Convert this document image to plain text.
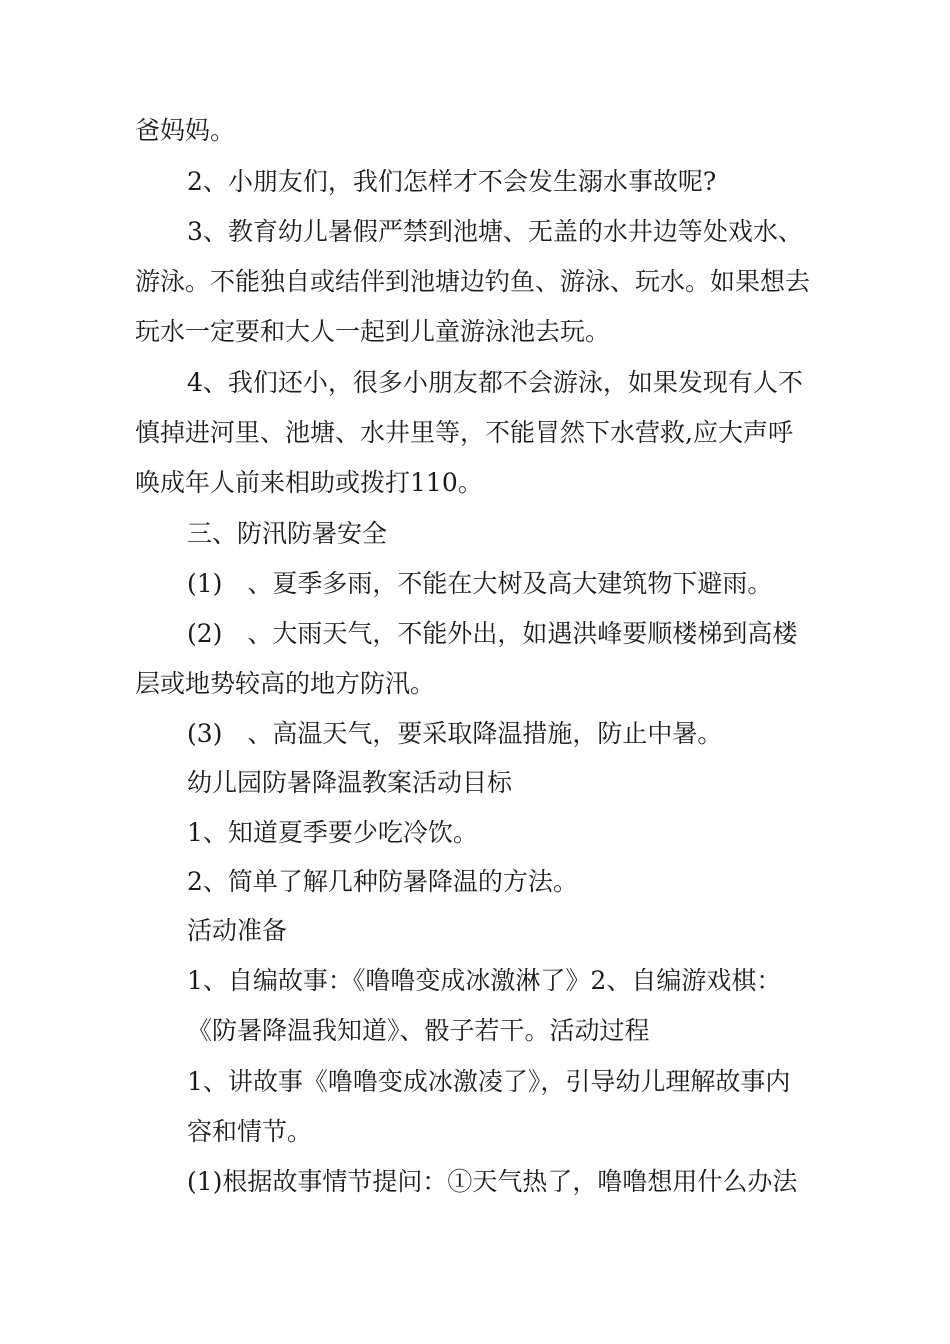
爸妈妈。
2、小朋友们，我们怎样才不会发生溺水事故呢?
3、教育幼儿暑假严禁到池塘、无盖的水井边等处戏水、
游泳。不能独自或结伴到池塘边钓鱼、游泳、玩水。如果想去
玩水一定要和大人一起到儿童游泳池去玩。
4、我们还小，很多小朋友都不会游泳，如果发现有人不
慎掉进河里、池塘、水井里等，不能冒然下水营救,应大声呼
唤成年人前来相助或拨打110。
三、防汛防暑安全
(1)　、夏季多雨，不能在大树及高大建筑物下避雨。
(2)　、大雨天气，不能外出，如遇洪峰要顺楼梯到高楼
层或地势较高的地方防汛。
(3)　、高温天气，要采取降温措施，防止中暑。
幼儿园防暑降温教案活动目标
1、知道夏季要少吃冷饮。
2、简单了解几种防暑降温的方法。
活动准备
1、自编故事：《噜噜变成冰激淋了》2、自编游戏棋：
《防暑降温我知道》、骰子若干。活动过程
1、讲故事《噜噜变成冰激凌了》，引导幼儿理解故事内
容和情节。
(1)根据故事情节提问：①天气热了，噜噜想用什么办法
